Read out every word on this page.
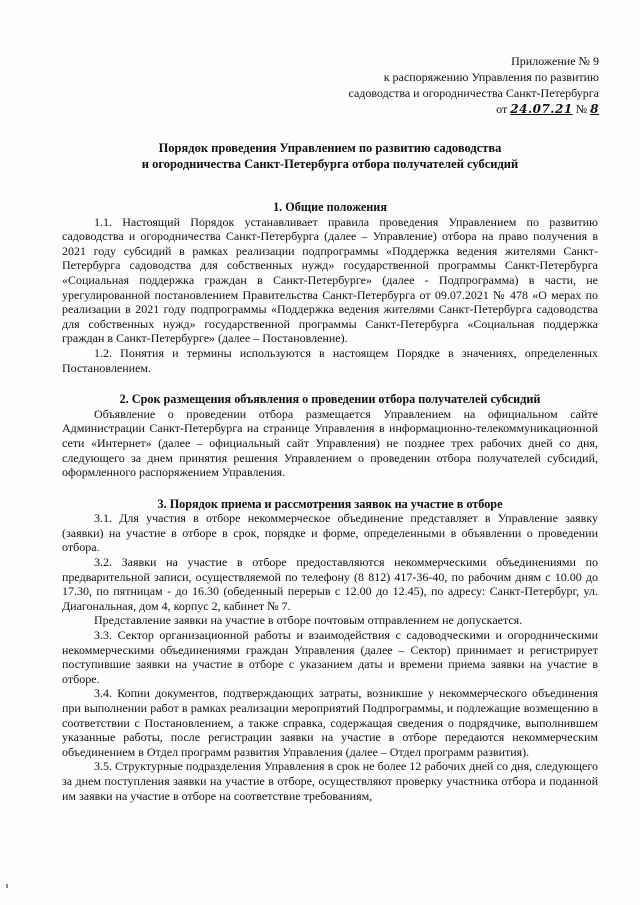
Приложение № 9
к распоряжению Управления по развитию
садоводства и огородничества Санкт-Петербурга
от 24.07.21 № 8
Порядок проведения Управлением по развитию садоводства
и огородничества Санкт-Петербурга отбора получателей субсидий
1. Общие положения

1.1. Настоящий Порядок устанавливает правила проведения Управлением по развитию садоводства и огородничества Санкт-Петербурга (далее – Управление) отбора на право получения в 2021 году субсидий в рамках реализации подпрограммы «Поддержка ведения жителями Санкт-Петербурга садоводства для собственных нужд» государственной программы Санкт-Петербурга «Социальная поддержка граждан в Санкт-Петербурге» (далее - Подпрограмма) в части, не урегулированной постановлением Правительства Санкт-Петербурга от 09.07.2021 № 478 «О мерах по реализации в 2021 году подпрограммы «Поддержка ведения жителями Санкт-Петербурга садоводства для собственных нужд» государственной программы Санкт-Петербурга «Социальная поддержка граждан в Санкт-Петербурге» (далее – Постановление).

1.2. Понятия и термины используются в настоящем Порядке в значениях, определенных Постановлением.

2. Срок размещения объявления о проведении отбора получателей субсидий

Объявление о проведении отбора размещается Управлением на официальном сайте Администрации Санкт-Петербурга на странице Управления в информационно-телекоммуникационной сети «Интернет» (далее – официальный сайт Управления) не позднее трех рабочих дней со дня, следующего за днем принятия решения Управлением о проведении отбора получателей субсидий, оформленного распоряжением Управления.

3. Порядок приема и рассмотрения заявок на участие в отборе

3.1. Для участия в отборе некоммерческое объединение представляет в Управление заявку (заявки) на участие в отборе в срок, порядке и форме, определенными в объявлении о проведении отбора.

3.2. Заявки на участие в отборе предоставляются некоммерческими объединениями по предварительной записи, осуществляемой по телефону (8 812) 417-36-40, по рабочим дням с 10.00 до 17.30, по пятницам - до 16.30 (обеденный перерыв с 12.00 до 12.45), по адресу: Санкт-Петербург, ул. Диагональная, дом 4, корпус 2, кабинет № 7.

Представление заявки на участие в отборе почтовым отправлением не допускается.

3.3. Сектор организационной работы и взаимодействия с садоводческими и огородническими некоммерческими объединениями граждан Управления (далее – Сектор) принимает и регистрирует поступившие заявки на участие в отборе с указанием даты и времени приема заявки на участие в отборе.

3.4. Копии документов, подтверждающих затраты, возникшие у некоммерческого объединения при выполнении работ в рамках реализации мероприятий Подпрограммы, и подлежащие возмещению в соответствии с Постановлением, а также справка, содержащая сведения о подрядчике, выполнившем указанные работы, после регистрации заявки на участие в отборе передаются некоммерческим объединением в Отдел программ развития Управления (далее – Отдел программ развития).

3.5. Структурные подразделения Управления в срок не более 12 рабочих дней со дня, следующего за днем поступления заявки на участие в отборе, осуществляют проверку участника отбора и поданной им заявки на участие в отборе на соответствие требованиям,
